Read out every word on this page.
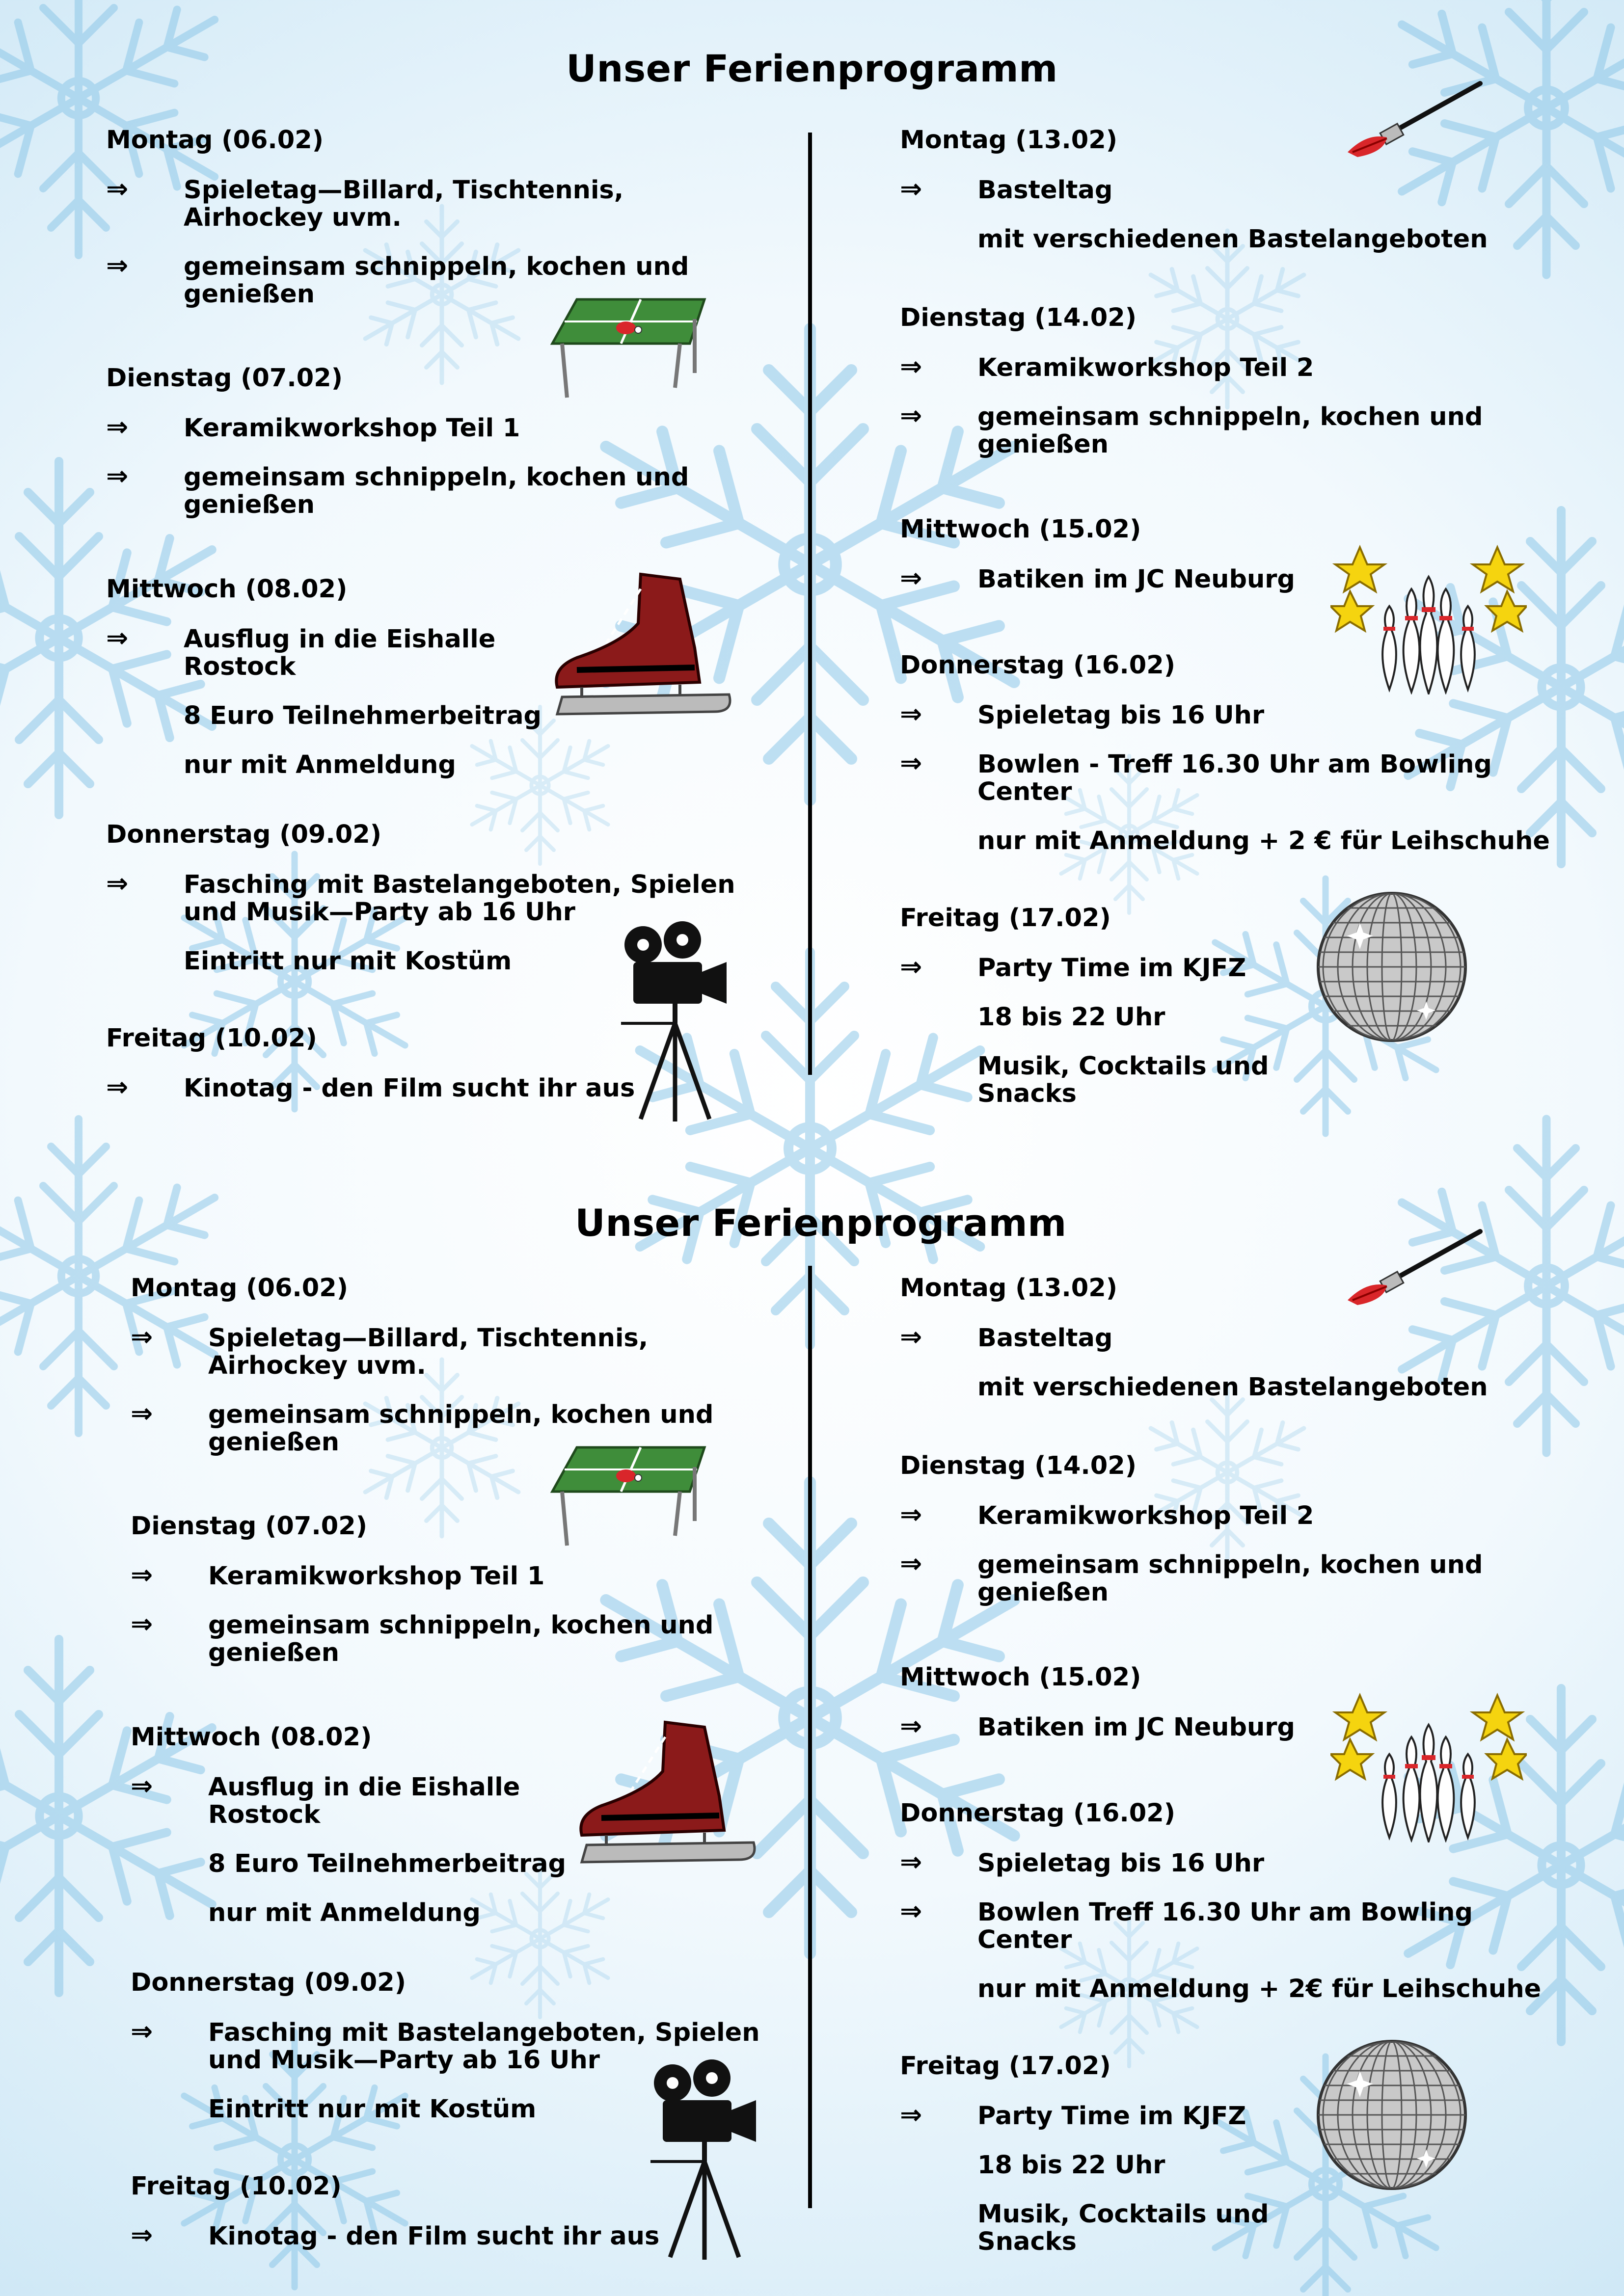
Unser Ferienprogramm
Montag (06.02)
⇒ Spieletag—Billard, Tischtennis,
Airhockey uvm.
⇒ gemeinsam schnippeln, kochen und
genießen
Dienstag (07.02)
⇒ Keramikworkshop Teil 1
⇒ gemeinsam schnippeln, kochen und
genießen
Mittwoch (08.02)
⇒ Ausflug in die Eishalle
Rostock
8 Euro Teilnehmerbeitrag
nur mit Anmeldung
Donnerstag (09.02)
⇒ Fasching mit Bastelangeboten, Spielen
und Musik—Party ab 16 Uhr
Eintritt nur mit Kostüm
Freitag (10.02)
⇒ Kinotag - den Film sucht ihr aus
Montag (13.02)
⇒ Basteltag
mit verschiedenen Bastelangeboten
Dienstag (14.02)
⇒ Keramikworkshop Teil 2
⇒ gemeinsam schnippeln, kochen und
genießen
Mittwoch (15.02)
⇒ Batiken im JC Neuburg
Donnerstag (16.02)
⇒ Spieletag bis 16 Uhr
⇒ Bowlen - Treff 16.30 Uhr am Bowling
Center
nur mit Anmeldung + 2 € für Leihschuhe
Freitag (17.02)
⇒ Party Time im KJFZ
18 bis 22 Uhr
Musik, Cocktails und
Snacks
Unser Ferienprogramm
Montag (06.02)
⇒ Spieletag—Billard, Tischtennis,
Airhockey uvm.
⇒ gemeinsam schnippeln, kochen und
genießen
Dienstag (07.02)
⇒ Keramikworkshop Teil 1
⇒ gemeinsam schnippeln, kochen und
genießen
Mittwoch (08.02)
⇒ Ausflug in die Eishalle
Rostock
8 Euro Teilnehmerbeitrag
nur mit Anmeldung
Donnerstag (09.02)
⇒ Fasching mit Bastelangeboten, Spielen
und Musik—Party ab 16 Uhr
Eintritt nur mit Kostüm
Freitag (10.02)
⇒ Kinotag - den Film sucht ihr aus
Montag (13.02)
⇒ Basteltag
mit verschiedenen Bastelangeboten
Dienstag (14.02)
⇒ Keramikworkshop Teil 2
⇒ gemeinsam schnippeln, kochen und
genießen
Mittwoch (15.02)
⇒ Batiken im JC Neuburg
Donnerstag (16.02)
⇒ Spieletag bis 16 Uhr
⇒ Bowlen Treff 16.30 Uhr am Bowling
Center
nur mit Anmeldung + 2€ für Leihschuhe
Freitag (17.02)
⇒ Party Time im KJFZ
18 bis 22 Uhr
Musik, Cocktails und
Snacks
